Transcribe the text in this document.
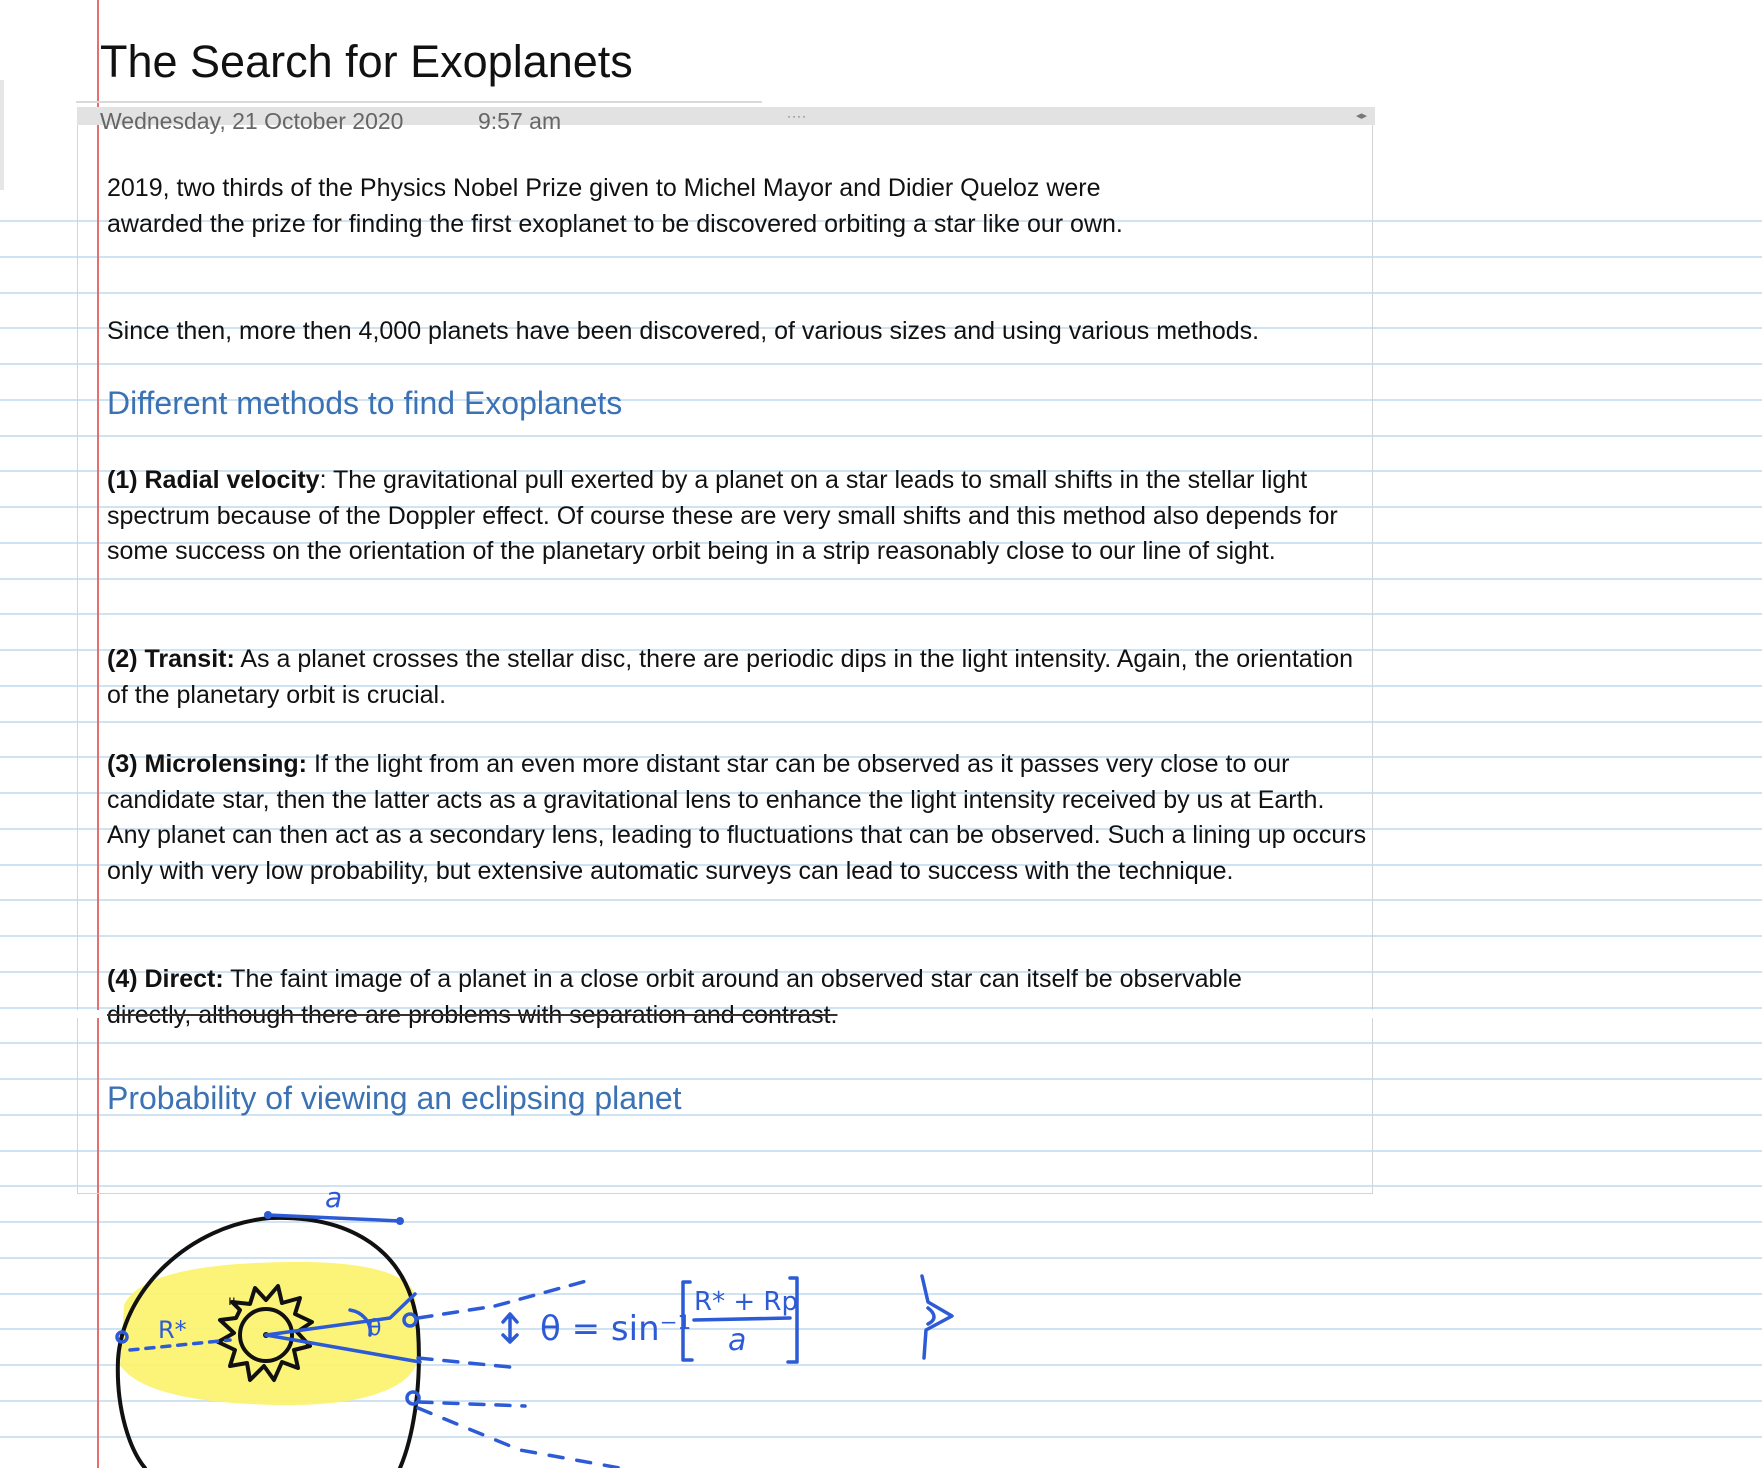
The Search for Exoplanets
····	◂▸
Wednesday, 21 October 2020	9:57 am

2019, two thirds of the Physics Nobel Prize given to Michel Mayor and Didier Queloz were awarded the prize for finding the first exoplanet to be discovered orbiting a star like our own.

Since then, more then 4,000 planets have been discovered, of various sizes and using various methods.

Different methods to find Exoplanets

(1) Radial velocity: The gravitational pull exerted by a planet on a star leads to small shifts in the stellar light spectrum because of the Doppler effect. Of course these are very small shifts and this method also depends for some success on the orientation of the planetary orbit being in a strip reasonably close to our line of sight.

(2) Transit: As a planet crosses the stellar disc, there are periodic dips in the light intensity. Again, the orientation of the planetary orbit is crucial.

(3) Microlensing: If the light from an even more distant star can be observed as it passes very close to our candidate star, then the latter acts as a gravitational lens to enhance the light intensity received by us at Earth. Any planet can then act as a secondary lens, leading to fluctuations that can be observed. Such a lining up occurs only with very low probability, but extensive automatic surveys can lead to success with the technique.

(4) Direct: The faint image of a planet in a close orbit around an observed star can itself be observable
directly, although there are problems with separation and contrast.

Probability of viewing an eclipsing planet
ıı
θ
a
R*	θ = sin⁻¹
R* + Rp
a
